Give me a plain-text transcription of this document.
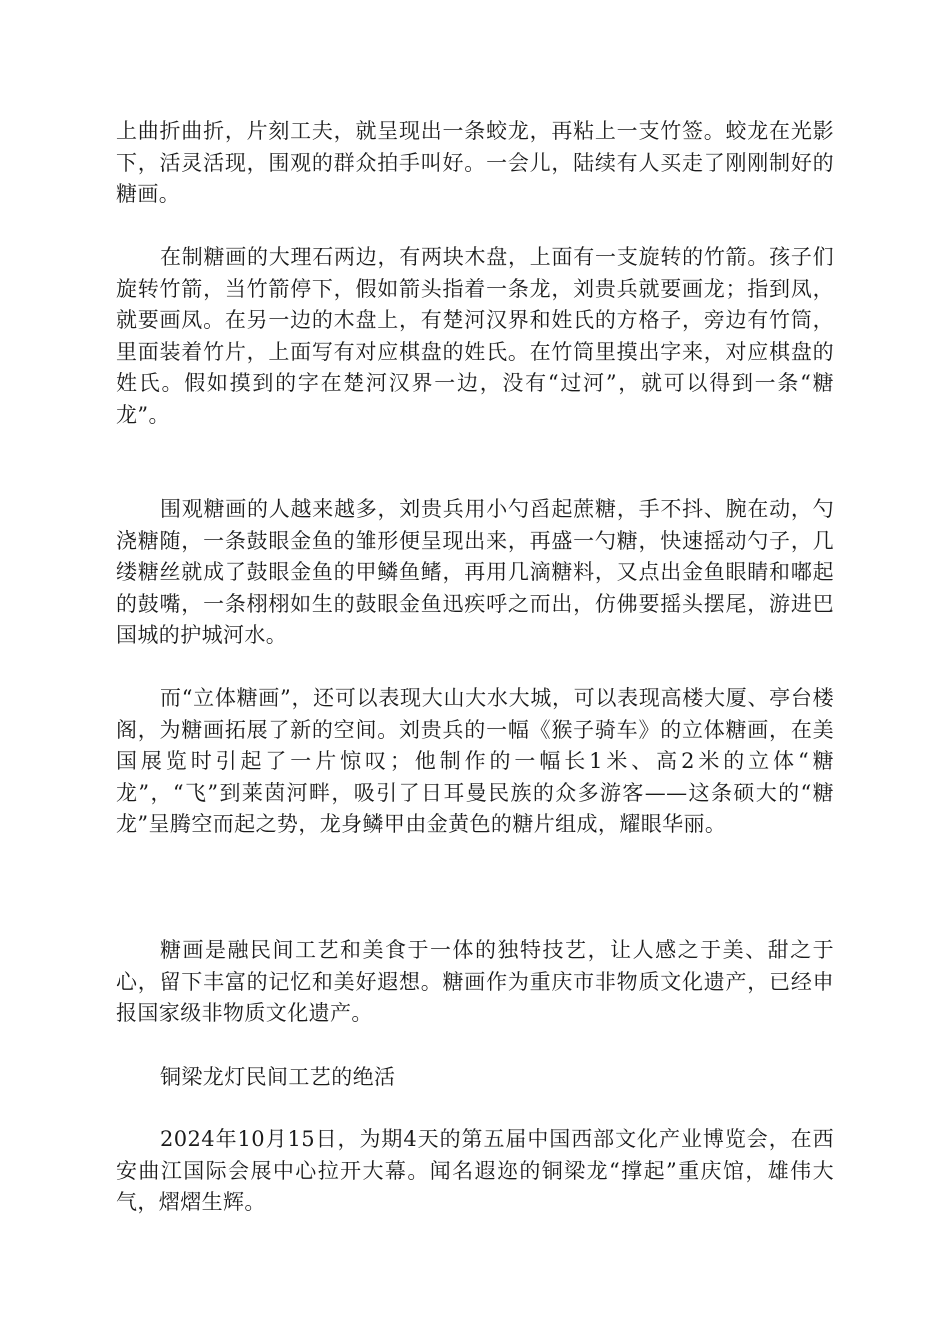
上曲折曲折，片刻工夫，就呈现出一条蛟龙，再粘上一支竹签。蛟龙在光影下，活灵活现，围观的群众拍手叫好。一会儿，陆续有人买走了刚刚制好的糖画。

在制糖画的大理石两边，有两块木盘，上面有一支旋转的竹箭。孩子们旋转竹箭，当竹箭停下，假如箭头指着一条龙，刘贵兵就要画龙；指到凤，就要画凤。在另一边的木盘上，有楚河汉界和姓氏的方格子，旁边有竹筒，里面装着竹片，上面写有对应棋盘的姓氏。在竹筒里摸出字来，对应棋盘的姓氏。假如摸到的字在楚河汉界一边，没有“过河”，就可以得到一条“糖龙”。

围观糖画的人越来越多，刘贵兵用小勺舀起蔗糖，手不抖、腕在动，勺浇糖随，一条鼓眼金鱼的雏形便呈现出来，再盛一勺糖，快速摇动勺子，几缕糖丝就成了鼓眼金鱼的甲鳞鱼鳍，再用几滴糖料，又点出金鱼眼睛和嘟起的鼓嘴，一条栩栩如生的鼓眼金鱼迅疾呼之而出，仿佛要摇头摆尾，游进巴国城的护城河水。

而“立体糖画”，还可以表现大山大水大城，可以表现高楼大厦、亭台楼阁，为糖画拓展了新的空间。刘贵兵的一幅《猴子骑车》的立体糖画，在美国展览时引起了一片惊叹；他制作的一幅长1米、高2米的立体“糖龙”，“飞”到莱茵河畔，吸引了日耳曼民族的众多游客——这条硕大的“糖龙”呈腾空而起之势，龙身鳞甲由金黄色的糖片组成，耀眼华丽。

糖画是融民间工艺和美食于一体的独特技艺，让人感之于美、甜之于心，留下丰富的记忆和美好遐想。糖画作为重庆市非物质文化遗产，已经申报国家级非物质文化遗产。

铜梁龙灯民间工艺的绝活

2024年10月15日，为期4天的第五届中国西部文化产业博览会，在西安曲江国际会展中心拉开大幕。闻名遐迩的铜梁龙“撑起”重庆馆，雄伟大气，熠熠生辉。
